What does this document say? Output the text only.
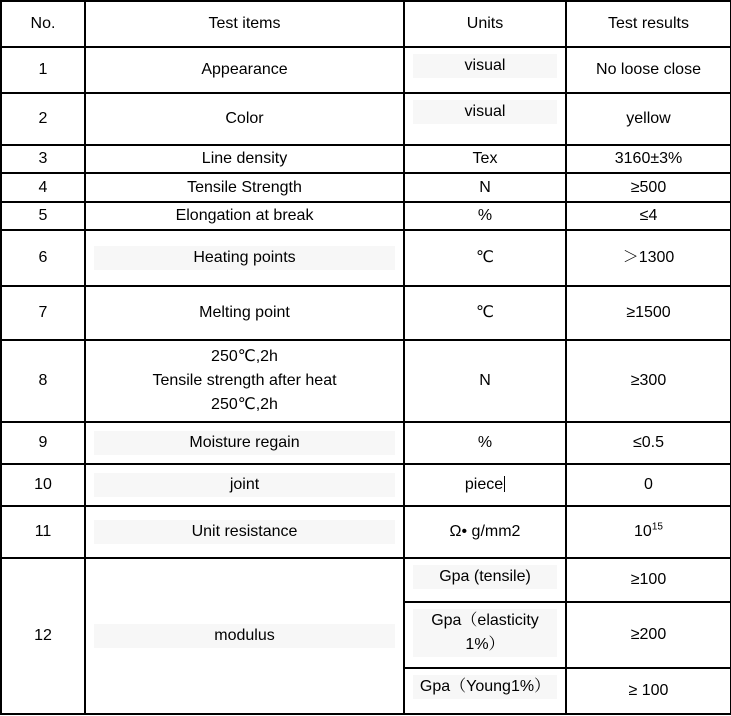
No.	Test items	Units	Test results
1	Appearance	visual	No loose close
2	Color	visual	yellow
3	Line density	Tex	3160±3%
4	Tensile Strength	N	≥500
5	Elongation at break	%	≤4
6	Heating points	℃	＞1300
7	Melting point	℃	≥1500
8	250℃,2h
Tensile strength after heat
250℃,2h	N	≥300
9	Moisture regain	%	≤0.5
10	joint	piece	0
11	Unit resistance	Ω• g/mm2	$10^{15}$
12	modulus	Gpa (tensile)	≥100

		Gpa（elasticity
1%）	≥200

		Gpa（Young1%）	≥ 100
